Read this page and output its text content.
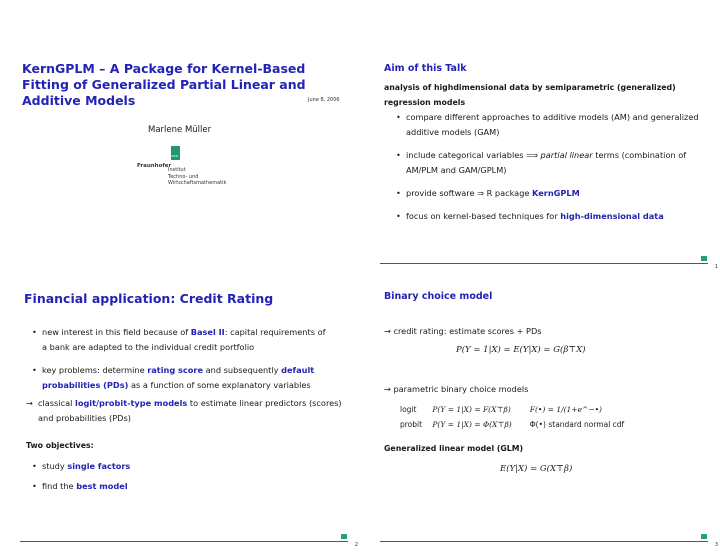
KernGPLM – A Package for Kernel-Based Fitting of Generalized Partial Linear and Additive Models	June 8, 2006
Marlene Müller
ITWM
Fraunhofer
Institut
Techno- und
Wirtschaftsmathematik
Aim of this Talk
analysis of highdimensional data by semiparametric (generalized) regression models
• compare different approaches to additive models (AM) and generalized additive models (GAM)
• include categorical variables ⟹ partial linear terms (combination of AM/PLM and GAM/GPLM)
• provide software ⇒ R package KernGPLM
• focus on kernel-based techniques for high-dimensional data
1
Financial application: Credit Rating
• new interest in this field because of Basel II: capital requirements of a bank are adapted to the individual credit portfolio
• key problems: determine rating score and subsequently default probabilities (PDs) as a function of some explanatory variables
→ classical logit/probit-type models to estimate linear predictors (scores) and probabilities (PDs)
Two objectives:
• study single factors
• find the best model
2
Binary choice model
→ credit rating: estimate scores + PDs
P(Y = 1|X) = E(Y|X) = G(β⊤X)
→ parametric binary choice models
logit P(Y = 1|X) = F(X⊤β)	F(•) = 1/(1+e^−•)
probit P(Y = 1|X) = Φ(X⊤β) Φ(•) standard normal cdf
Generalized linear model (GLM)
E(Y|X) = G(X⊤β)
3
